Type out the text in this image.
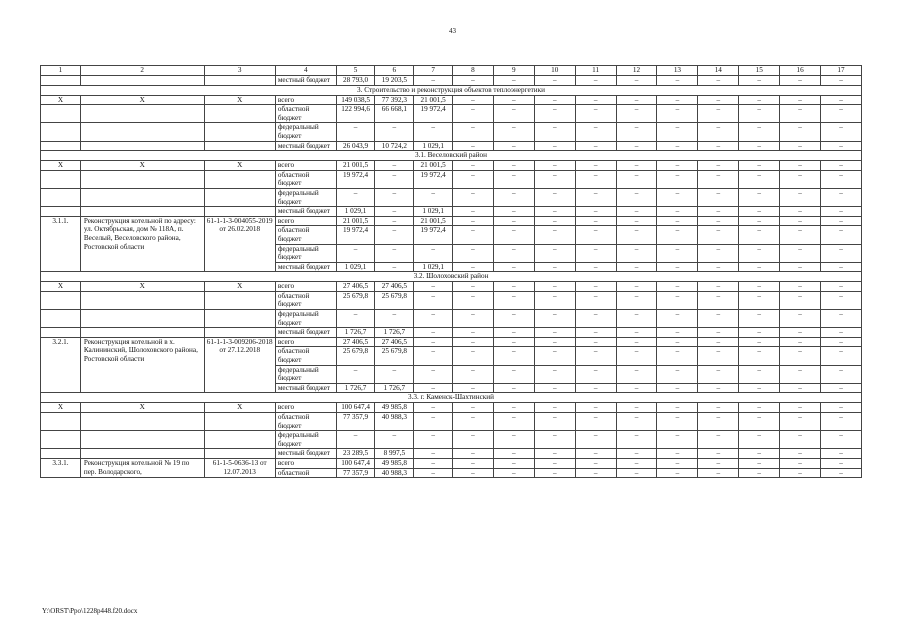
43
1	2	3	4	5	6	7	8	9	10	11	12	13	14	15	16	17
			местный бюджет	28 793,0	19 203,5	–	–	–	–	–	–	–	–	–	–	–
3. Строительство и реконструкция объектов теплоэнергетики																
Х	Х	Х	всего	149 038,5	77 392,3	21 001,5	–	–	–	–	–	–	–	–	–	–
			областной бюджет	122 994,6	66 668,1	19 972,4	–	–	–	–	–	–	–	–	–	–
			федеральный бюджет	–	–	–	–	–	–	–	–	–	–	–	–	–
			местный бюджет	26 043,9	10 724,2	1 029,1	–	–	–	–	–	–	–	–	–	–
3.1. Веселовский район																
Х	Х	Х	всего	21 001,5	–	21 001,5	–	–	–	–	–	–	–	–	–	–
			областной бюджет	19 972,4	–	19 972,4	–	–	–	–	–	–	–	–	–	–
			федеральный бюджет	–	–	–	–	–	–	–	–	–	–	–	–	–
			местный бюджет	1 029,1	–	1 029,1	–	–	–	–	–	–	–	–	–	–
3.1.1.	Реконструкция котельной по адресу: ул. Октябрьская, дом № 118А, п. Веселый, Веселовского района, Ростовской области	61-1-1-3-004055-2019 от 26.02.2018	всего	21 001,5	–	21 001,5	–	–	–	–	–	–	–	–	–	–
			областной бюджет	19 972,4	–	19 972,4	–	–	–	–	–	–	–	–	–	–
			федеральный бюджет	–	–	–	–	–	–	–	–	–	–	–	–	–
			местный бюджет	1 029,1	–	1 029,1	–	–	–	–	–	–	–	–	–	–
3.2. Шолоховский район																
Х	Х	Х	всего	27 406,5	27 406,5	–	–	–	–	–	–	–	–	–	–	–
			областной бюджет	25 679,8	25 679,8	–	–	–	–	–	–	–	–	–	–	–
			федеральный бюджет	–	–	–	–	–	–	–	–	–	–	–	–	–
			местный бюджет	1 726,7	1 726,7	–	–	–	–	–	–	–	–	–	–	–
3.2.1.	Реконструкция котельной в х. Калининский, Шолоховского района, Ростовской области	61-1-1-3-009206-2018 от 27.12.2018	всего	27 406,5	27 406,5	–	–	–	–	–	–	–	–	–	–	–
			областной бюджет	25 679,8	25 679,8	–	–	–	–	–	–	–	–	–	–	–
			федеральный бюджет	–	–	–	–	–	–	–	–	–	–	–	–	–
			местный бюджет	1 726,7	1 726,7	–	–	–	–	–	–	–	–	–	–	–
3.3. г. Каменск-Шахтинский																
Х	Х	Х	всего	100 647,4	49 985,8	–	–	–	–	–	–	–	–	–	–	–
			областной бюджет	77 357,9	40 988,3	–	–	–	–	–	–	–	–	–	–	–
			федеральный бюджет	–	–	–	–	–	–	–	–	–	–	–	–	–
			местный бюджет	23 289,5	8 997,5	–	–	–	–	–	–	–	–	–	–	–
3.3.1.	Реконструкция котельной № 19 по пер. Володарского,	61-1-5-0636-13 от 12.07.2013	всего	100 647,4	49 985,8	–	–	–	–	–	–	–	–	–	–	–
			областной	77 357,9	40 988,3	–	–	–	–	–	–	–	–	–	–	–
Y:\ORST\Ppo\1228p448.f20.docx
